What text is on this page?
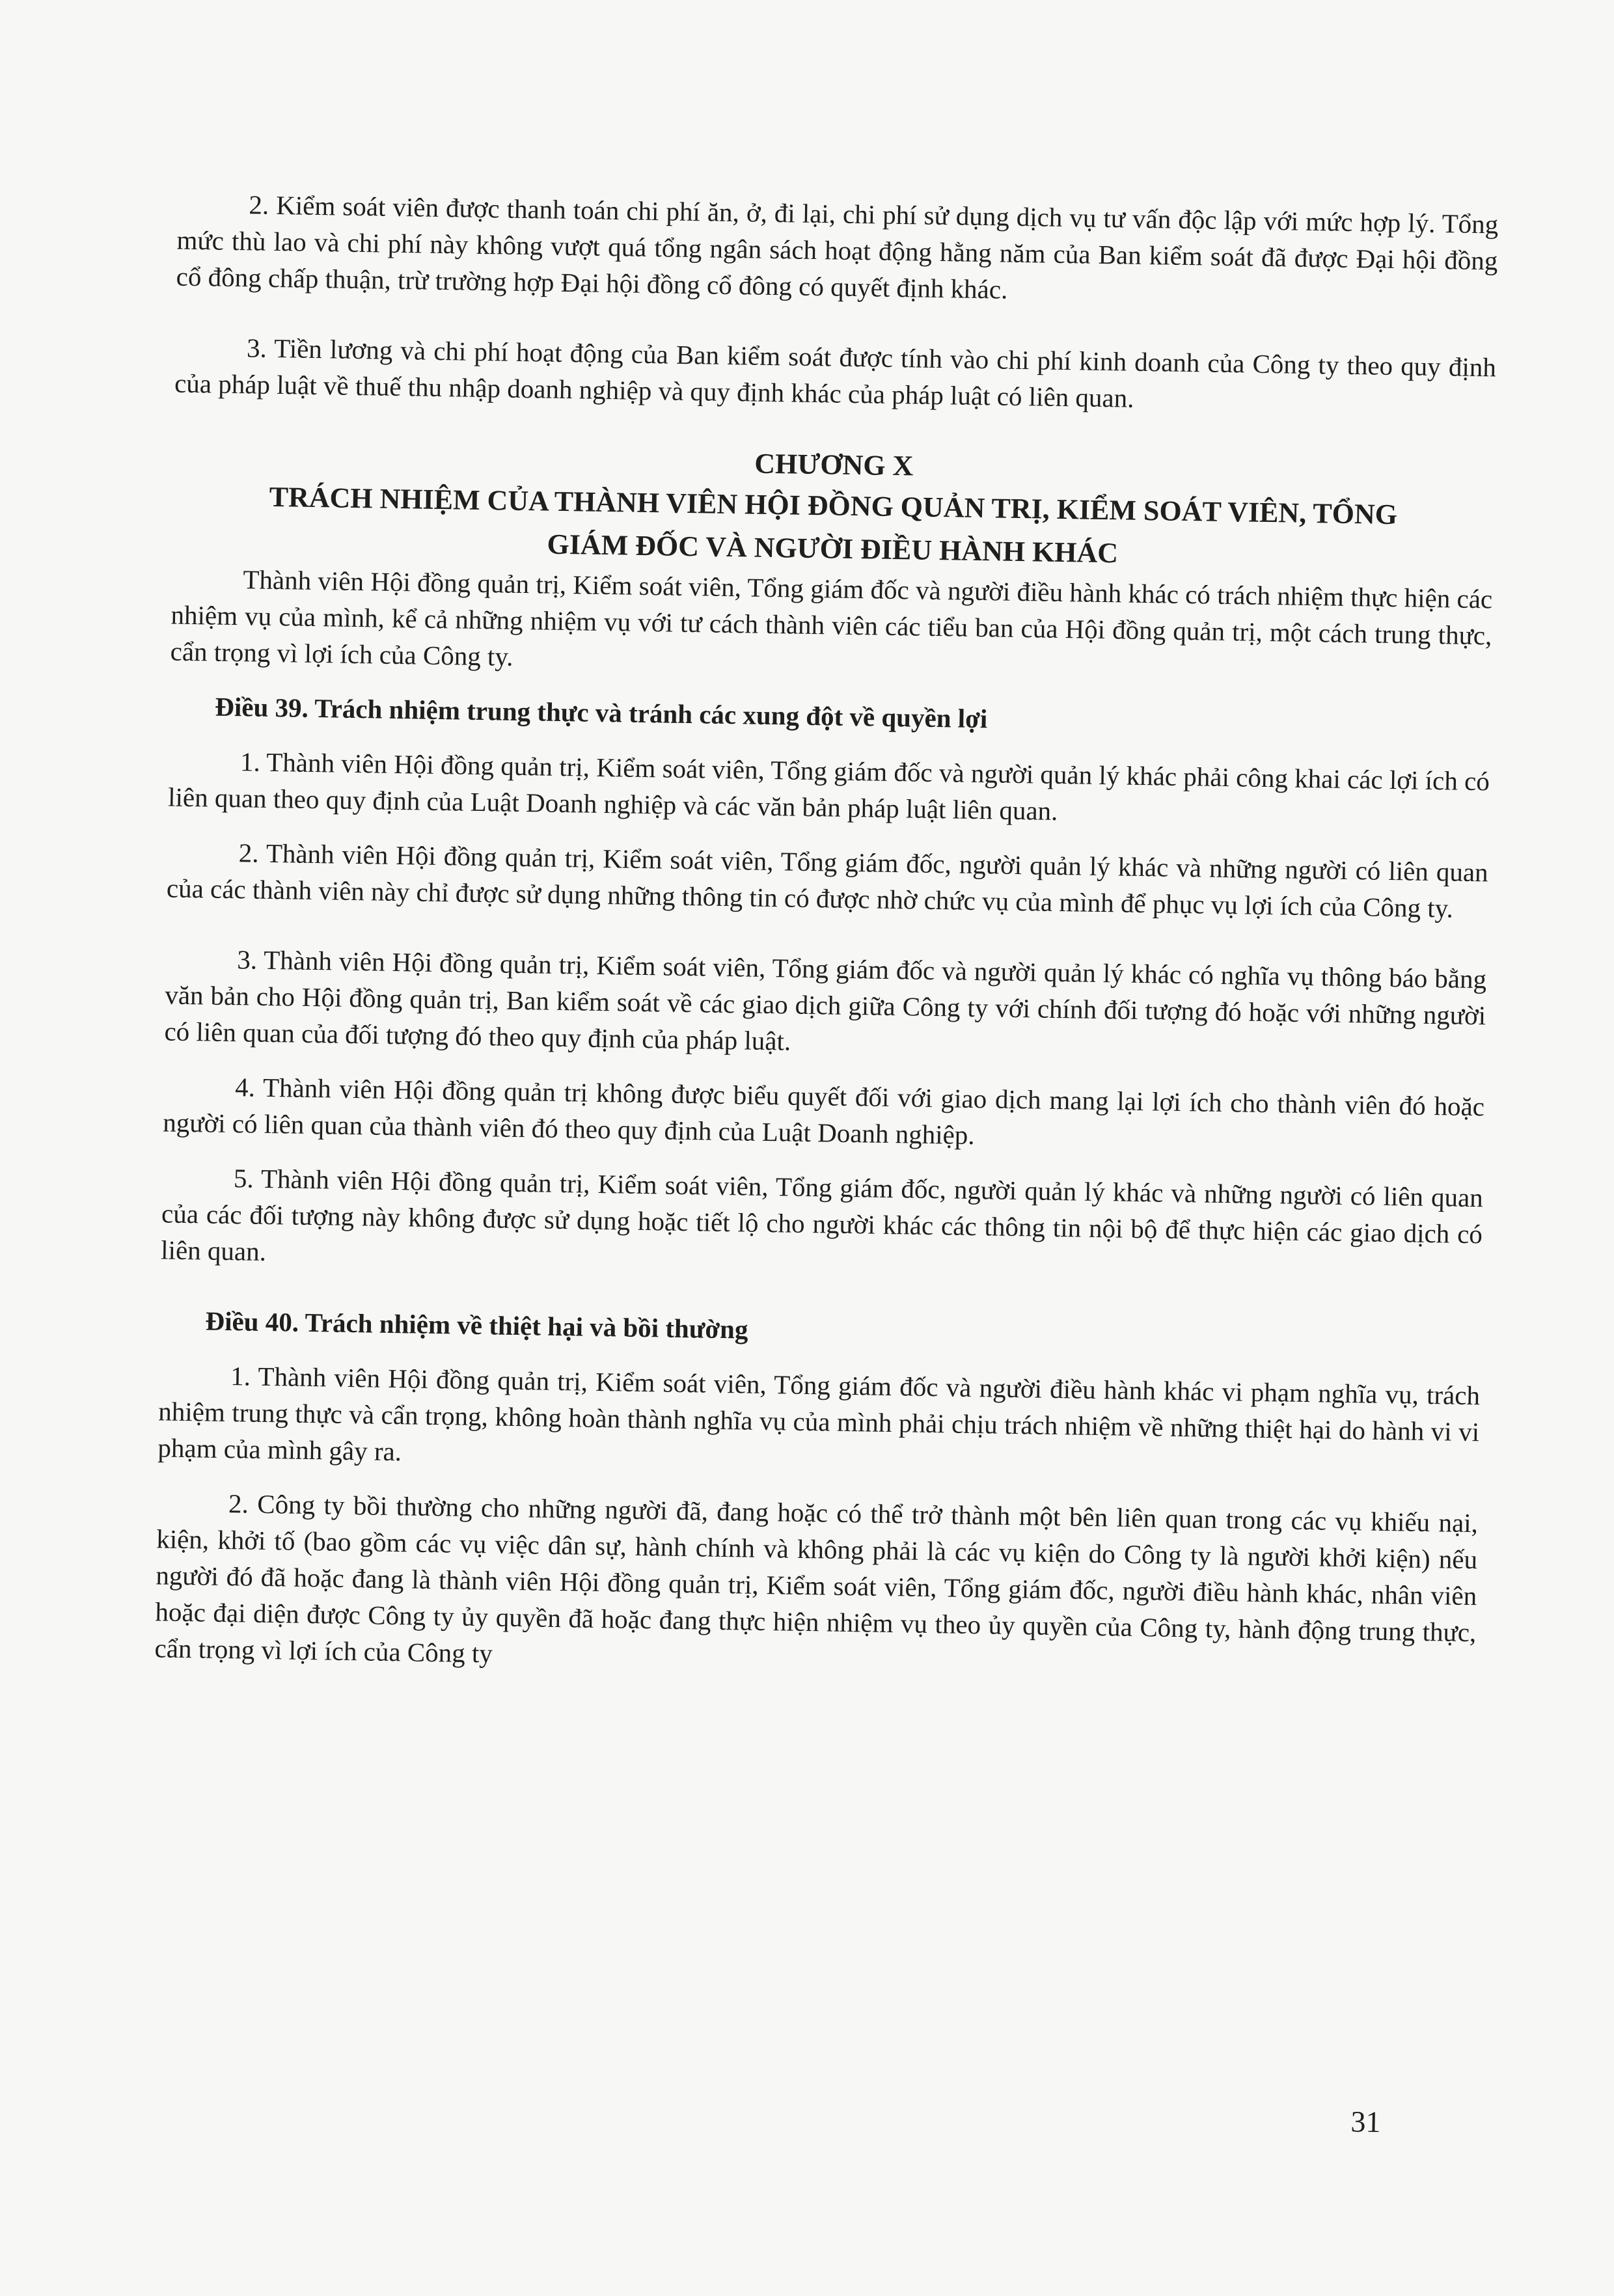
2. Kiểm soát viên được thanh toán chi phí ăn, ở, đi lại, chi phí sử dụng dịch vụ tư vấn độc lập với mức hợp lý. Tổng mức thù lao và chi phí này không vượt quá tổng ngân sách hoạt động hằng năm của Ban kiểm soát đã được Đại hội đồng cổ đông chấp thuận, trừ trường hợp Đại hội đồng cổ đông có quyết định khác.

3. Tiền lương và chi phí hoạt động của Ban kiểm soát được tính vào chi phí kinh doanh của Công ty theo quy định của pháp luật về thuế thu nhập doanh nghiệp và quy định khác của pháp luật có liên quan.

CHƯƠNG X

TRÁCH NHIỆM CỦA THÀNH VIÊN HỘI ĐỒNG QUẢN TRỊ, KIỂM SOÁT VIÊN, TỔNG

GIÁM ĐỐC VÀ NGƯỜI ĐIỀU HÀNH KHÁC

Thành viên Hội đồng quản trị, Kiểm soát viên, Tổng giám đốc và người điều hành khác có trách nhiệm thực hiện các nhiệm vụ của mình, kể cả những nhiệm vụ với tư cách thành viên các tiểu ban của Hội đồng quản trị, một cách trung thực, cẩn trọng vì lợi ích của Công ty.

Điều 39. Trách nhiệm trung thực và tránh các xung đột về quyền lợi

1. Thành viên Hội đồng quản trị, Kiểm soát viên, Tổng giám đốc và người quản lý khác phải công khai các lợi ích có liên quan theo quy định của Luật Doanh nghiệp và các văn bản pháp luật liên quan.

2. Thành viên Hội đồng quản trị, Kiểm soát viên, Tổng giám đốc, người quản lý khác và những người có liên quan của các thành viên này chỉ được sử dụng những thông tin có được nhờ chức vụ của mình để phục vụ lợi ích của Công ty.

3. Thành viên Hội đồng quản trị, Kiểm soát viên, Tổng giám đốc và người quản lý khác có nghĩa vụ thông báo bằng văn bản cho Hội đồng quản trị, Ban kiểm soát về các giao dịch giữa Công ty với chính đối tượng đó hoặc với những người có liên quan của đối tượng đó theo quy định của pháp luật.

4. Thành viên Hội đồng quản trị không được biểu quyết đối với giao dịch mang lại lợi ích cho thành viên đó hoặc người có liên quan của thành viên đó theo quy định của Luật Doanh nghiệp.

5. Thành viên Hội đồng quản trị, Kiểm soát viên, Tổng giám đốc, người quản lý khác và những người có liên quan của các đối tượng này không được sử dụng hoặc tiết lộ cho người khác các thông tin nội bộ để thực hiện các giao dịch có liên quan.

Điều 40. Trách nhiệm về thiệt hại và bồi thường

1. Thành viên Hội đồng quản trị, Kiểm soát viên, Tổng giám đốc và người điều hành khác vi phạm nghĩa vụ, trách nhiệm trung thực và cẩn trọng, không hoàn thành nghĩa vụ của mình phải chịu trách nhiệm về những thiệt hại do hành vi vi phạm của mình gây ra.

2. Công ty bồi thường cho những người đã, đang hoặc có thể trở thành một bên liên quan trong các vụ khiếu nại, kiện, khởi tố (bao gồm các vụ việc dân sự, hành chính và không phải là các vụ kiện do Công ty là người khởi kiện) nếu người đó đã hoặc đang là thành viên Hội đồng quản trị, Kiểm soát viên, Tổng giám đốc, người điều hành khác, nhân viên hoặc đại diện được Công ty ủy quyền đã hoặc đang thực hiện nhiệm vụ theo ủy quyền của Công ty, hành động trung thực, cẩn trọng vì lợi ích của Công ty

31
